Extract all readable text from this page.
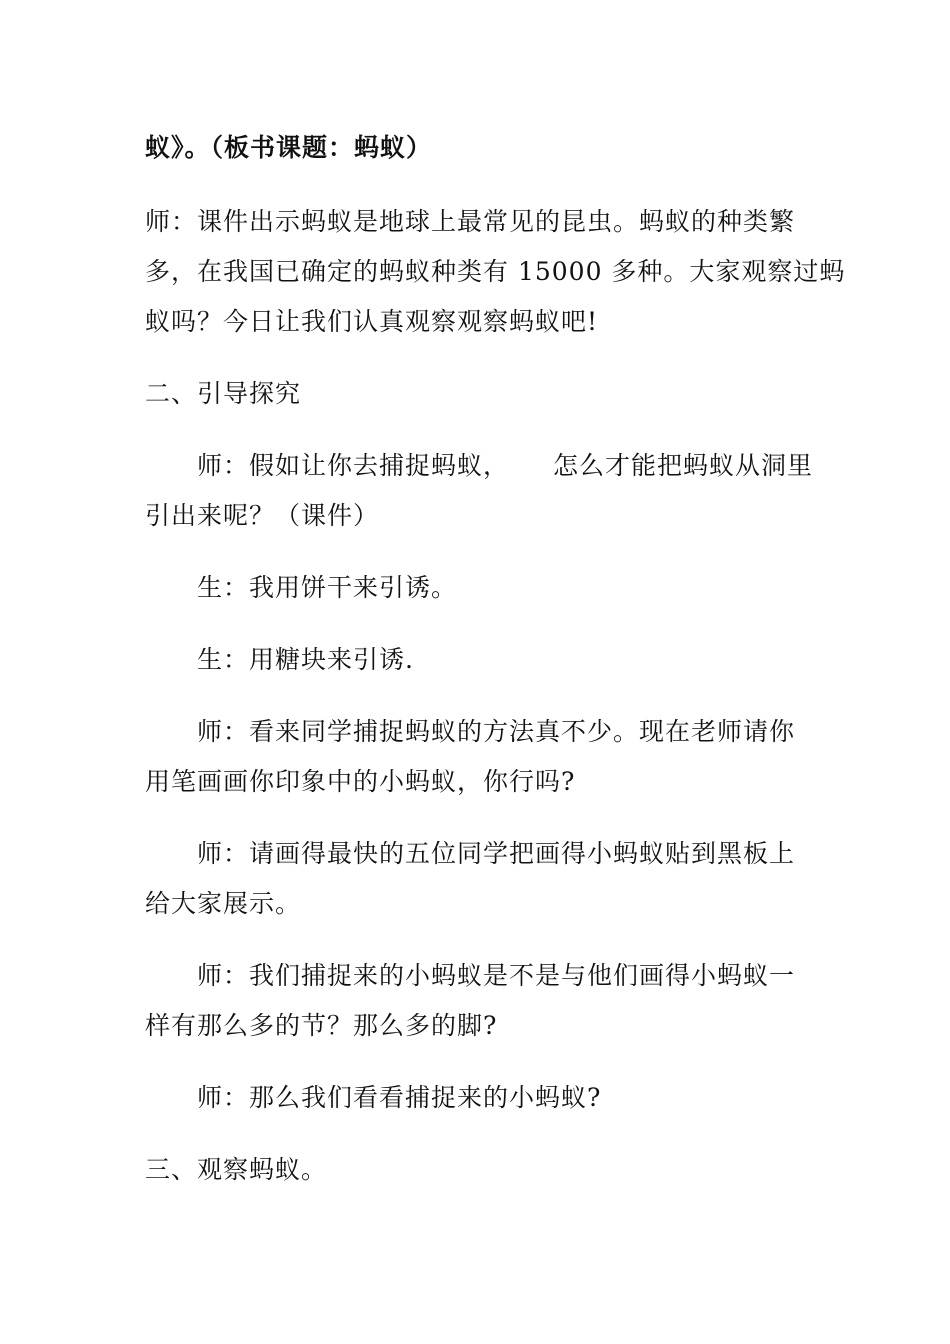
蚁》。（板书课题：蚂蚁）
师：课件出示蚂蚁是地球上最常见的昆虫。蚂蚁的种类繁
多，在我国已确定的蚂蚁种类有 15000 多种。大家观察过蚂
蚁吗？今日让我们认真观察观察蚂蚁吧!
二、引导探究
师：假如让你去捕捉蚂蚁， 怎么才能把蚂蚁从洞里
引出来呢？（课件）
生：我用饼干来引诱。
生：用糖块来引诱.
师：看来同学捕捉蚂蚁的方法真不少。现在老师请你
用笔画画你印象中的小蚂蚁，你行吗?
师：请画得最快的五位同学把画得小蚂蚁贴到黑板上
给大家展示。
师：我们捕捉来的小蚂蚁是不是与他们画得小蚂蚁一
样有那么多的节？那么多的脚?
师：那么我们看看捕捉来的小蚂蚁?
三、观察蚂蚁。
